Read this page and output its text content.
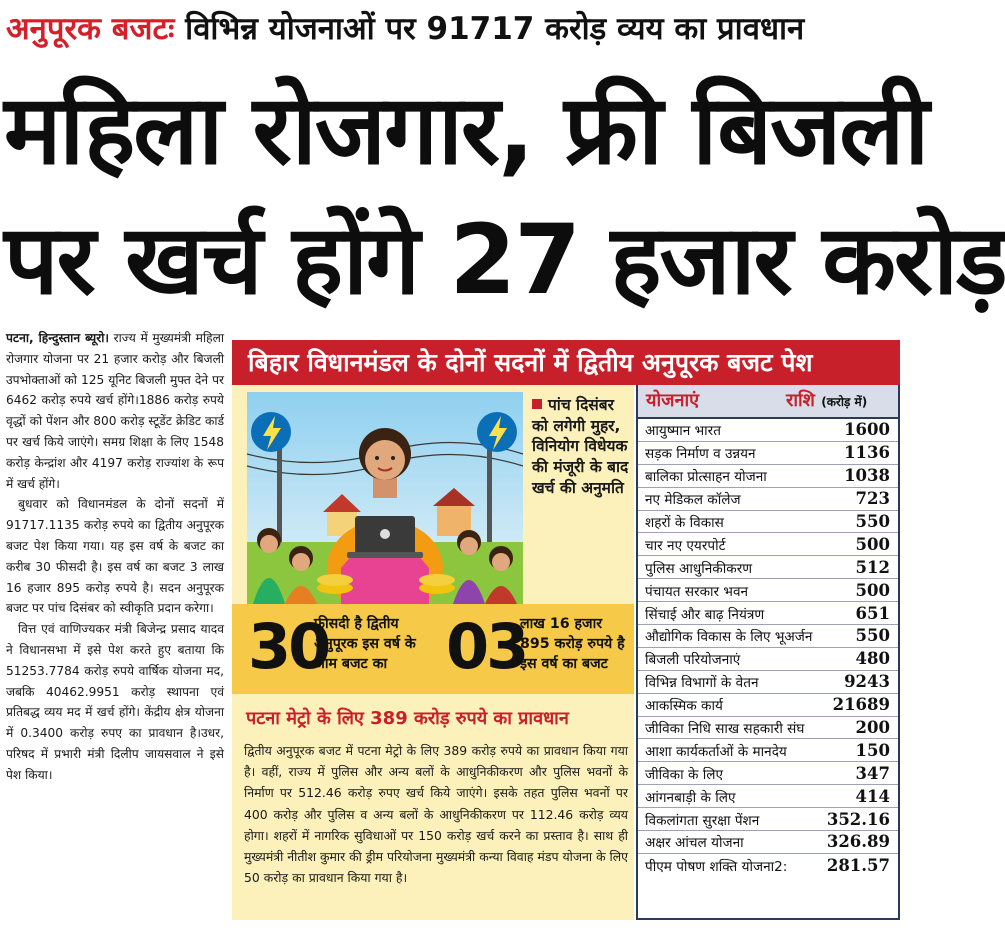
अनुपूरक बजटः विभिन्न योजनाओं पर 91717 करोड़ व्यय का प्रावधान
महिला रोजगार, फ्री बिजली
पर खर्च होंगे 27 हजार करोड़

पटना, हिन्दुस्तान ब्यूरो। राज्य में मुख्यमंत्री महिला रोजगार योजना पर 21 हजार करोड़ और बिजली उपभोक्ताओं को 125 यूनिट बिजली मुफ्त देने पर 6462 करोड़ रुपये खर्च होंगे।1886 करोड़ रुपये वृद्धों को पेंशन और 800 करोड़ स्टूडेंट क्रेडिट कार्ड पर खर्च किये जाएंगे। समग्र शिक्षा के लिए 1548 करोड़ केन्द्रांश और 4197 करोड़ राज्यांश के रूप में खर्च होंगे।

बुधवार को विधानमंडल के दोनों सदनों में 91717.1135 करोड़ रुपये का द्वितीय अनुपूरक बजट पेश किया गया। यह इस वर्ष के बजट का करीब 30 फीसदी है। इस वर्ष का बजट 3 लाख 16 हजार 895 करोड़ रुपये है। सदन अनुपूरक बजट पर पांच दिसंबर को स्वीकृति प्रदान करेगा।

वित्त एवं वाणिज्यकर मंत्री बिजेन्द्र प्रसाद यादव ने विधानसभा में इसे पेश करते हुए बताया कि 51253.7784 करोड़ रुपये वार्षिक योजना मद, जबकि 40462.9951 करोड़ स्थापना एवं प्रतिबद्ध व्यय मद में खर्च होंगे। केंद्रीय क्षेत्र योजना में 0.3400 करोड़ रुपए का प्रावधान है।उधर, परिषद में प्रभारी मंत्री दिलीप जायसवाल ने इसे पेश किया।

बिहार विधानमंडल के दोनों सदनों में द्वितीय अनुपूरक बजट पेश
पांच दिसंबर को लगेगी मुहर, विनियोग विधेयक की मंजूरी के बाद खर्च की अनुमति
30
फीसदी है द्वितीय
अनुपूरक इस वर्ष के
आम बजट का 03
लाख 16 हजार
895 करोड़ रुपये है
इस वर्ष का बजट
पटना मेट्रो के लिए 389 करोड़ रुपये का प्रावधान
द्वितीय अनुपूरक बजट में पटना मेट्रो के लिए 389 करोड़ रुपये का प्रावधान किया गया है। वहीं, राज्य में पुलिस और अन्य बलों के आधुनिकीकरण और पुलिस भवनों के निर्माण पर 512.46 करोड़ रुपए खर्च किये जाएंगे। इसके तहत पुलिस भवनों पर 400 करोड़ और पुलिस व अन्य बलों के आधुनिकीकरण पर 112.46 करोड़ व्यय होगा। शहरों में नागरिक सुविधाओं पर 150 करोड़ खर्च करने का प्रस्ताव है। साथ ही मुख्यमंत्री नीतीश कुमार की ड्रीम परियोजना मुख्यमंत्री कन्या विवाह मंडप योजना के लिए 50 करोड़ का प्रावधान किया गया है।
योजनाएं	राशि (करोड़ में)
आयुष्मान भारत	1600
सड़क निर्माण व उन्नयन	1136
बालिका प्रोत्साहन योजना	1038
नए मेडिकल कॉलेज	723
शहरों के विकास	550
चार नए एयरपोर्ट	500
पुलिस आधुनिकीकरण	512
पंचायत सरकार भवन	500
सिंचाई और बाढ़ नियंत्रण	651
औद्योगिक विकास के लिए भूअर्जन	550
बिजली परियोजनाएं	480
विभिन्न विभागों के वेतन	9243
आकस्मिक कार्य	21689
जीविका निधि साख सहकारी संघ	200
आशा कार्यकर्ताओं के मानदेय	150
जीविका के लिए	347
आंगनबाड़ी के लिए	414
विकलांगता सुरक्षा पेंशन	352.16
अक्षर आंचल योजना	326.89
पीएम पोषण शक्ति योजना2: 281.57
